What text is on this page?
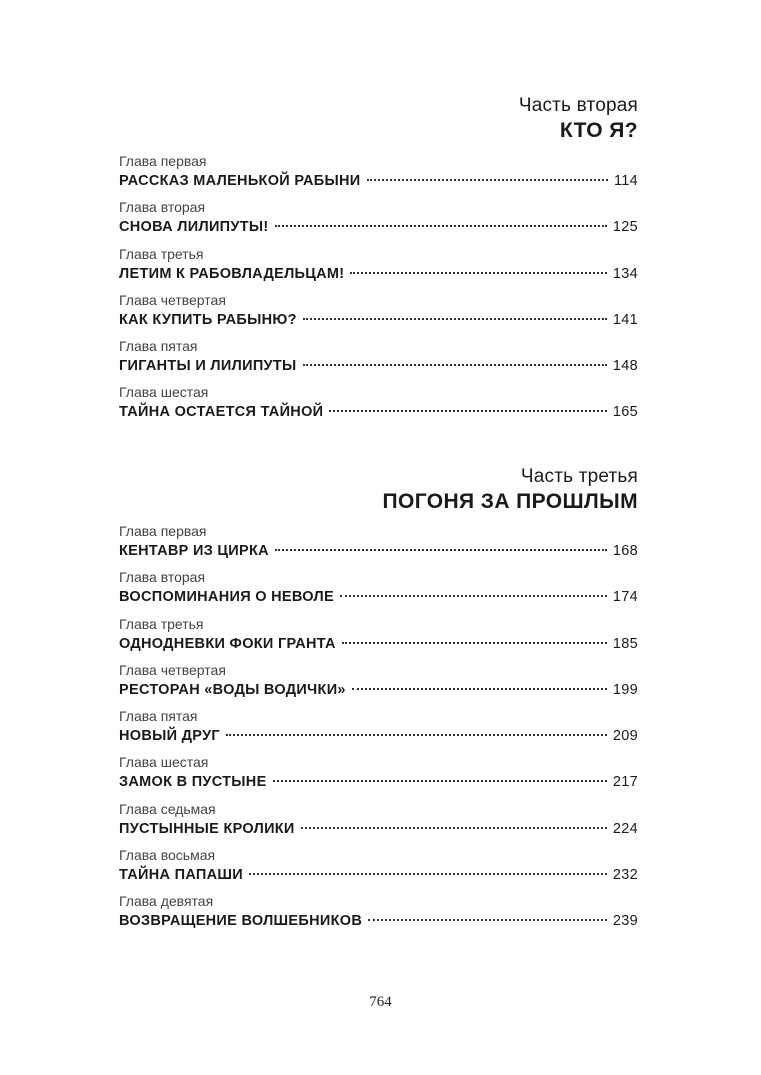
Часть вторая
КТО Я?
Глава первая
РАССКАЗ МАЛЕНЬКОЙ РАБЫНИ	114
Глава вторая
СНОВА ЛИЛИПУТЫ!	125
Глава третья
ЛЕТИМ К РАБОВЛАДЕЛЬЦАМ!	134
Глава четвертая
КАК КУПИТЬ РАБЫНЮ?	141
Глава пятая
ГИГАНТЫ И ЛИЛИПУТЫ	148
Глава шестая
ТАЙНА ОСТАЕТСЯ ТАЙНОЙ	165
Часть третья
ПОГОНЯ ЗА ПРОШЛЫМ
Глава первая
КЕНТАВР ИЗ ЦИРКА	168
Глава вторая
ВОСПОМИНАНИЯ О НЕВОЛЕ	174
Глава третья
ОДНОДНЕВКИ ФОКИ ГРАНТА	185
Глава четвертая
РЕСТОРАН «ВОДЫ ВОДИЧКИ»	199
Глава пятая
НОВЫЙ ДРУГ	209
Глава шестая
ЗАМОК В ПУСТЫНЕ	217
Глава седьмая
ПУСТЫННЫЕ КРОЛИКИ	224
Глава восьмая
ТАЙНА ПАПАШИ	232
Глава девятая
ВОЗВРАЩЕНИЕ ВОЛШЕБНИКОВ	239
764
